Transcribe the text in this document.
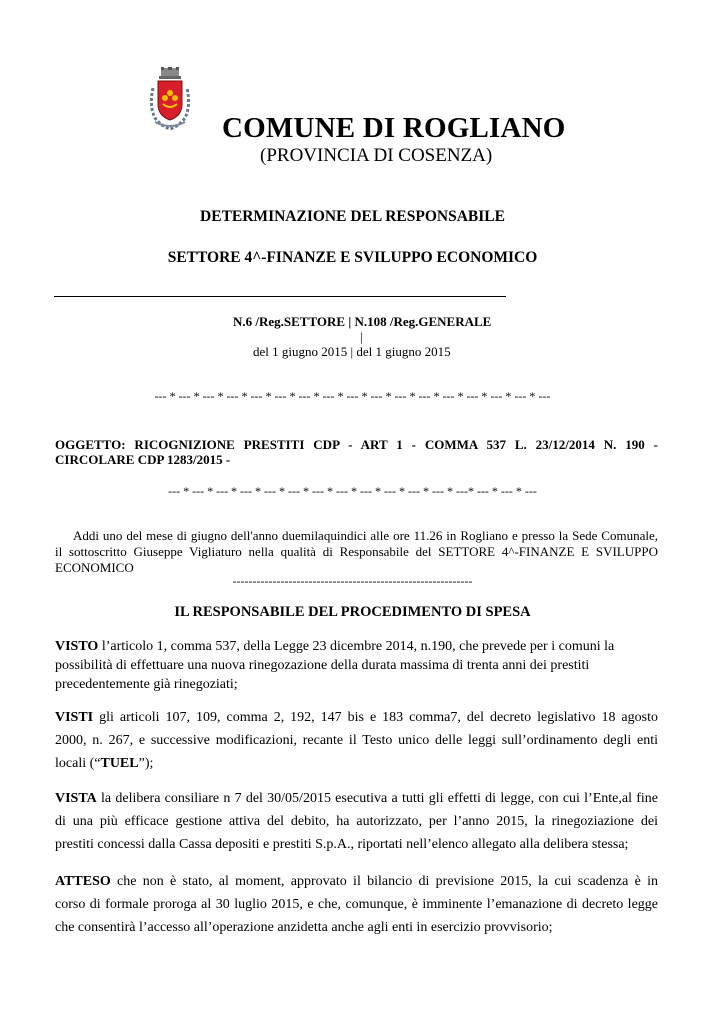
COMUNE DI ROGLIANO
(PROVINCIA DI COSENZA)
DETERMINAZIONE DEL RESPONSABILE
SETTORE 4^-FINANZE E SVILUPPO ECONOMICO
N.6 /Reg.SETTORE | N.108 /Reg.GENERALE
|
del 1 giugno 2015 | del 1 giugno 2015
--- * --- * --- * --- * --- * --- * --- * --- * --- * --- * --- * --- * --- * --- * --- * --- * ---
OGGETTO: RICOGNIZIONE PRESTITI CDP - ART 1 - COMMA 537 L. 23/12/2014 N. 190 -
CIRCOLARE CDP 1283/2015 -
--- * --- * --- * --- * --- * --- * --- * --- * --- * --- * --- * --- * ---* --- * --- * ---
Addi uno del mese di giugno dell'anno duemilaquindici alle ore 11.26 in Rogliano e presso la Sede Comunale,
il sottoscritto Giuseppe Vigliaturo nella qualità di Responsabile del SETTORE 4^-FINANZE E SVILUPPO
ECONOMICO
------------------------------------------------------------
IL RESPONSABILE DEL PROCEDIMENTO DI SPESA
VISTO l’articolo 1, comma 537, della Legge 23 dicembre 2014, n.190, che prevede per i comuni la
possibilità di effettuare una nuova rinegozazione della durata massima di trenta anni dei prestiti
precedentemente già rinegoziati;
VISTI gli articoli 107, 109, comma 2, 192, 147 bis e 183 comma7, del decreto legislativo 18 agosto
2000, n. 267, e successive modificazioni, recante il Testo unico delle leggi sull’ordinamento degli enti
locali (“TUEL”);
VISTA la delibera consiliare n 7 del 30/05/2015 esecutiva a tutti gli effetti di legge, con cui l’Ente,al fine
di una più efficace gestione attiva del debito, ha autorizzato, per l’anno 2015, la rinegoziazione dei
prestiti concessi dalla Cassa depositi e prestiti S.p.A., riportati nell’elenco allegato alla delibera stessa;
ATTESO che non è stato, al moment, approvato il bilancio di previsione 2015, la cui scadenza è in
corso di formale proroga al 30 luglio 2015, e che, comunque, è imminente l’emanazione di decreto legge
che consentirà l’accesso all’operazione anzidetta anche agli enti in esercizio provvisorio;
